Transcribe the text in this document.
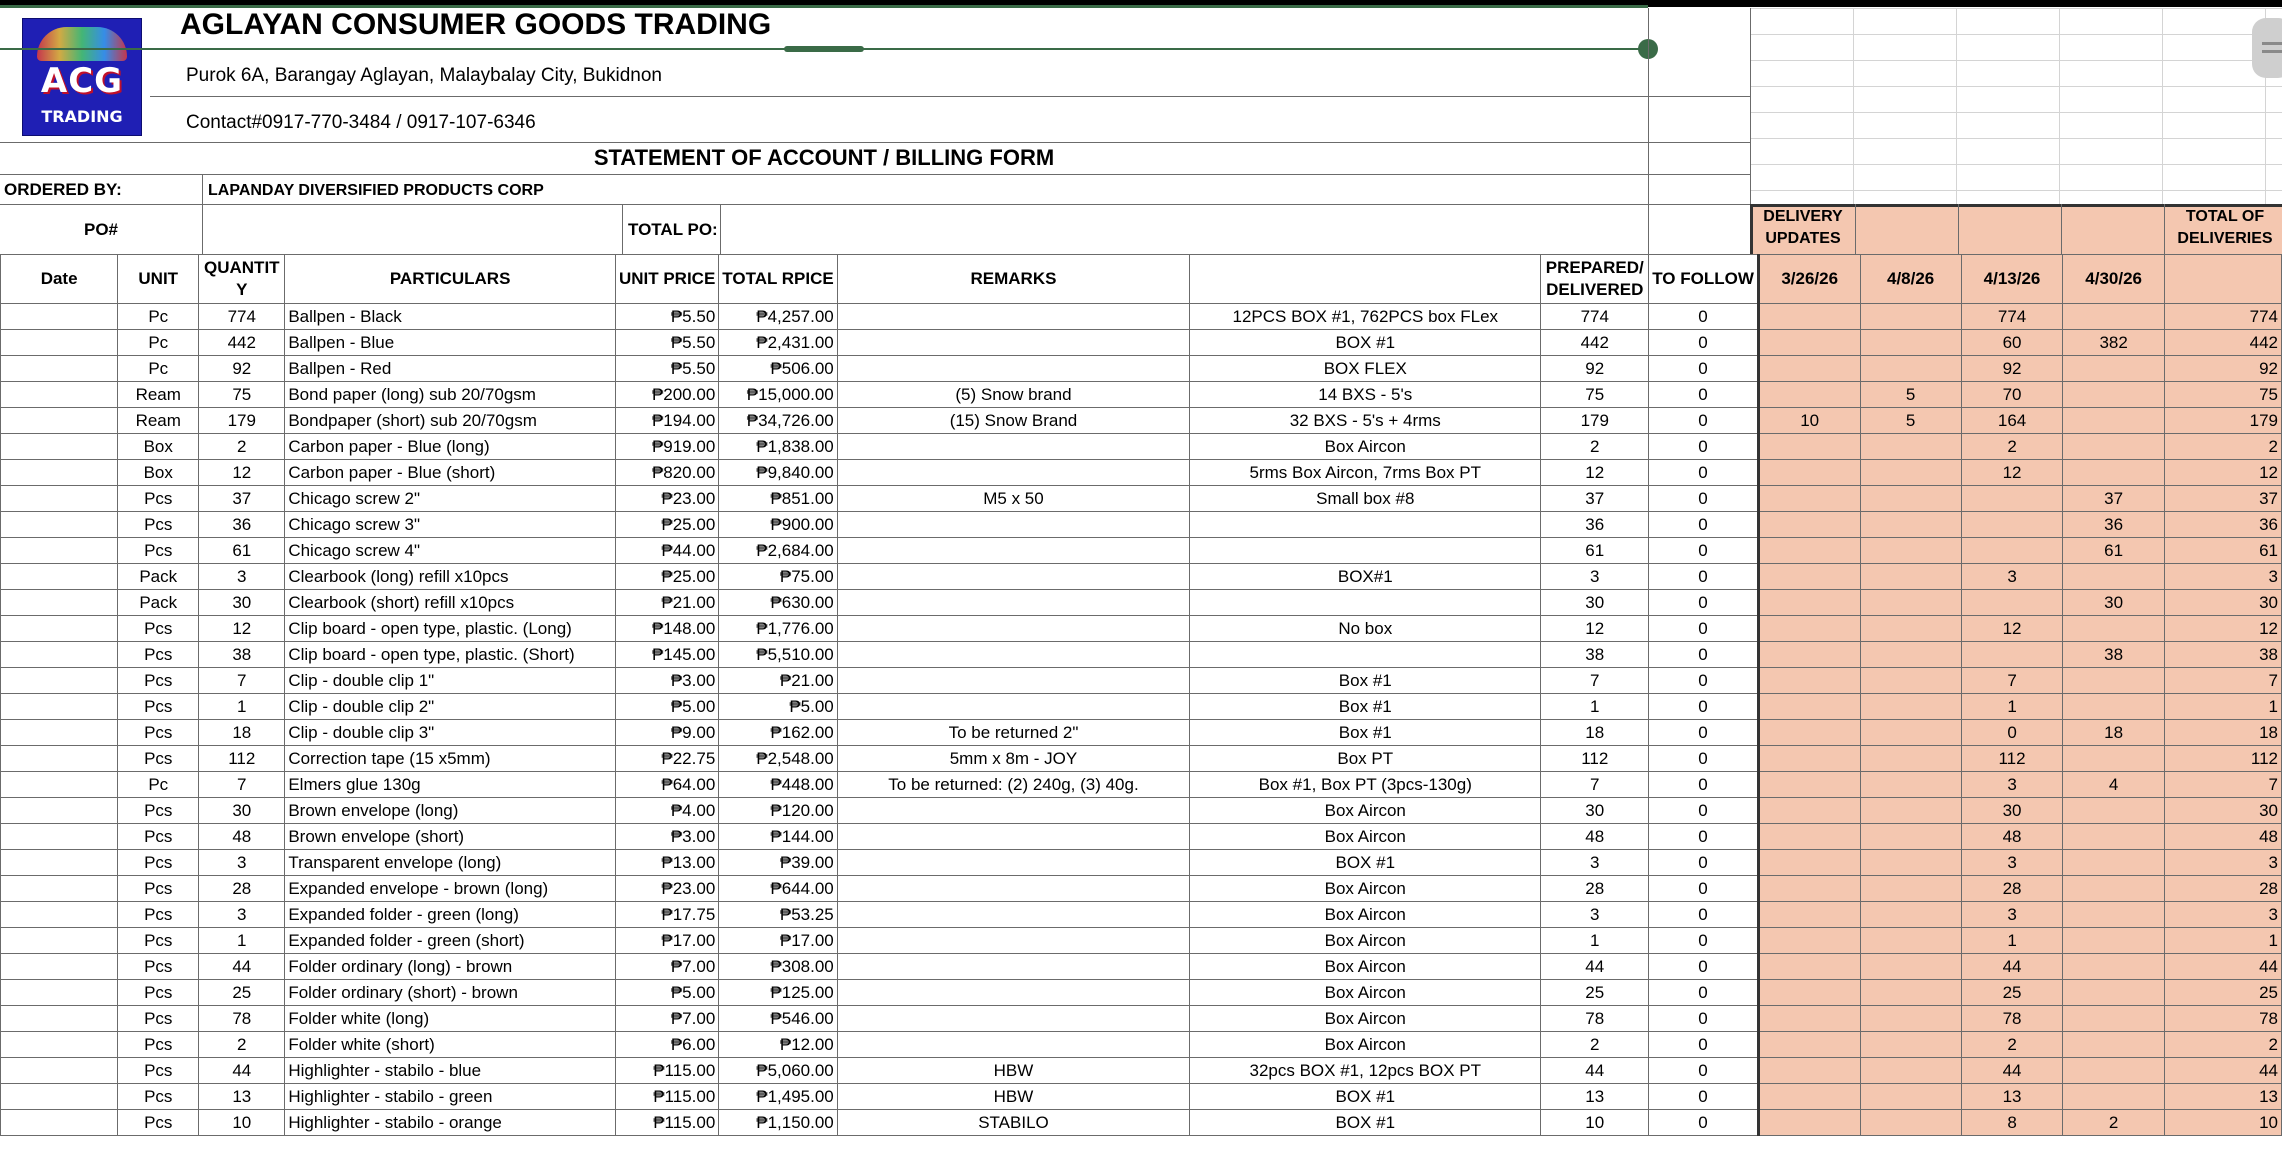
ACG
TRADING
AGLAYAN CONSUMER GOODS TRADING
Purok 6A, Barangay Aglayan, Malaybalay City, Bukidnon
Contact#0917-770-3484 / 0917-107-6346
STATEMENT OF ACCOUNT / BILLING FORM
ORDERED BY:	LAPANDAY DIVERSIFIED PRODUCTS CORP
PO#	TOTAL PO:
DELIVERY UPDATES
TOTAL OF DELIVERIES
Date	UNIT	QUANTITY	PARTICULARS	UNIT PRICE	TOTAL RPICE	REMARKS		PREPARED/ DELIVERED	TO FOLLOW	3/26/26	4/8/26	4/13/26	4/30/26	
	Pc	774	Ballpen - Black	₱5.50	₱4,257.00		12PCS BOX #1, 762PCS box FLex	774	0			774		774
	Pc	442	Ballpen - Blue	₱5.50	₱2,431.00		BOX #1	442	0			60	382	442
	Pc	92	Ballpen - Red	₱5.50	₱506.00		BOX FLEX	92	0			92		92
	Ream	75	Bond paper (long) sub 20/70gsm	₱200.00	₱15,000.00	(5) Snow brand	14 BXS - 5's	75	0		5	70		75
	Ream	179	Bondpaper (short) sub 20/70gsm	₱194.00	₱34,726.00	(15) Snow Brand	32 BXS - 5's + 4rms	179	0	10	5	164		179
	Box	2	Carbon paper - Blue (long)	₱919.00	₱1,838.00		Box Aircon	2	0			2		2
	Box	12	Carbon paper - Blue (short)	₱820.00	₱9,840.00		5rms Box Aircon, 7rms Box PT	12	0			12		12
	Pcs	37	Chicago screw 2"	₱23.00	₱851.00	M5 x 50	Small box #8	37	0				37	37
	Pcs	36	Chicago screw 3"	₱25.00	₱900.00			36	0				36	36
	Pcs	61	Chicago screw 4"	₱44.00	₱2,684.00			61	0				61	61
	Pack	3	Clearbook (long) refill x10pcs	₱25.00	₱75.00		BOX#1	3	0			3		3
	Pack	30	Clearbook (short) refill x10pcs	₱21.00	₱630.00			30	0				30	30
	Pcs	12	Clip board - open type, plastic. (Long)	₱148.00	₱1,776.00		No box	12	0			12		12
	Pcs	38	Clip board - open type, plastic. (Short)	₱145.00	₱5,510.00			38	0				38	38
	Pcs	7	Clip - double clip 1"	₱3.00	₱21.00		Box #1	7	0			7		7
	Pcs	1	Clip - double clip 2"	₱5.00	₱5.00		Box #1	1	0			1		1
	Pcs	18	Clip - double clip 3"	₱9.00	₱162.00	To be returned 2"	Box #1	18	0			0	18	18
	Pcs	112	Correction tape (15 x5mm)	₱22.75	₱2,548.00	5mm x 8m - JOY	Box PT	112	0			112		112
	Pc	7	Elmers glue 130g	₱64.00	₱448.00	To be returned: (2) 240g, (3) 40g.	Box #1, Box PT (3pcs-130g)	7	0			3	4	7
	Pcs	30	Brown envelope (long)	₱4.00	₱120.00		Box Aircon	30	0			30		30
	Pcs	48	Brown envelope (short)	₱3.00	₱144.00		Box Aircon	48	0			48		48
	Pcs	3	Transparent envelope (long)	₱13.00	₱39.00		BOX #1	3	0			3		3
	Pcs	28	Expanded envelope - brown (long)	₱23.00	₱644.00		Box Aircon	28	0			28		28
	Pcs	3	Expanded folder - green (long)	₱17.75	₱53.25		Box Aircon	3	0			3		3
	Pcs	1	Expanded folder - green (short)	₱17.00	₱17.00		Box Aircon	1	0			1		1
	Pcs	44	Folder ordinary (long) - brown	₱7.00	₱308.00		Box Aircon	44	0			44		44
	Pcs	25	Folder ordinary (short) - brown	₱5.00	₱125.00		Box Aircon	25	0			25		25
	Pcs	78	Folder white (long)	₱7.00	₱546.00		Box Aircon	78	0			78		78
	Pcs	2	Folder white (short)	₱6.00	₱12.00		Box Aircon	2	0			2		2
	Pcs	44	Highlighter - stabilo - blue	₱115.00	₱5,060.00	HBW	32pcs BOX #1, 12pcs BOX PT	44	0			44		44
	Pcs	13	Highlighter - stabilo - green	₱115.00	₱1,495.00	HBW	BOX #1	13	0			13		13
	Pcs	10	Highlighter - stabilo - orange	₱115.00	₱1,150.00	STABILO	BOX #1	10	0			8	2	10
